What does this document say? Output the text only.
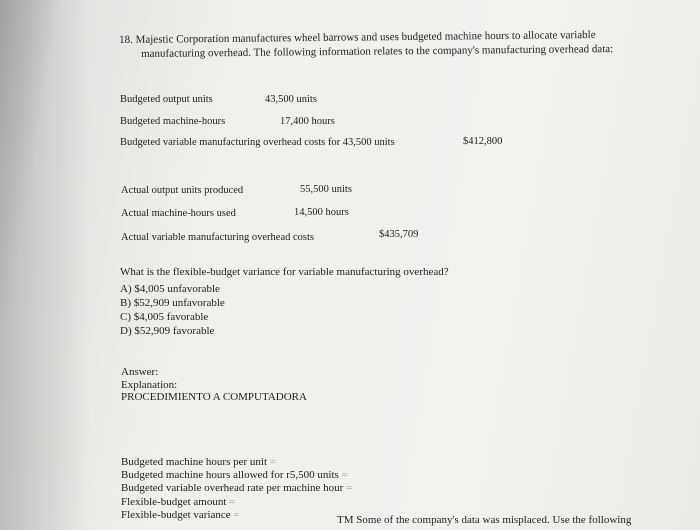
18. Majestic Corporation manufactures wheel barrows and uses budgeted machine hours to allocate variable
manufacturing overhead. The following information relates to the company's manufacturing overhead data:
Budgeted output units	43,500 units
Budgeted machine-hours	17,400 hours
Budgeted variable manufacturing overhead costs for 43,500 units	$412,800
Actual output units produced	55,500 units
Actual machine-hours used	14,500 hours
Actual variable manufacturing overhead costs	$435,709
What is the flexible-budget variance for variable manufacturing overhead?
A) $4,005 unfavorable
B) $52,909 unfavorable
C) $4,005 favorable
D) $52,909 favorable
Answer:
Explanation:
PROCEDIMIENTO A COMPUTADORA
Budgeted machine hours per unit =
Budgeted machine hours allowed for r5,500 units =
Budgeted variable overhead rate per machine hour =
Flexible-budget amount =
Flexible-budget variance =	TM Some of the company's data was misplaced. Use the following
